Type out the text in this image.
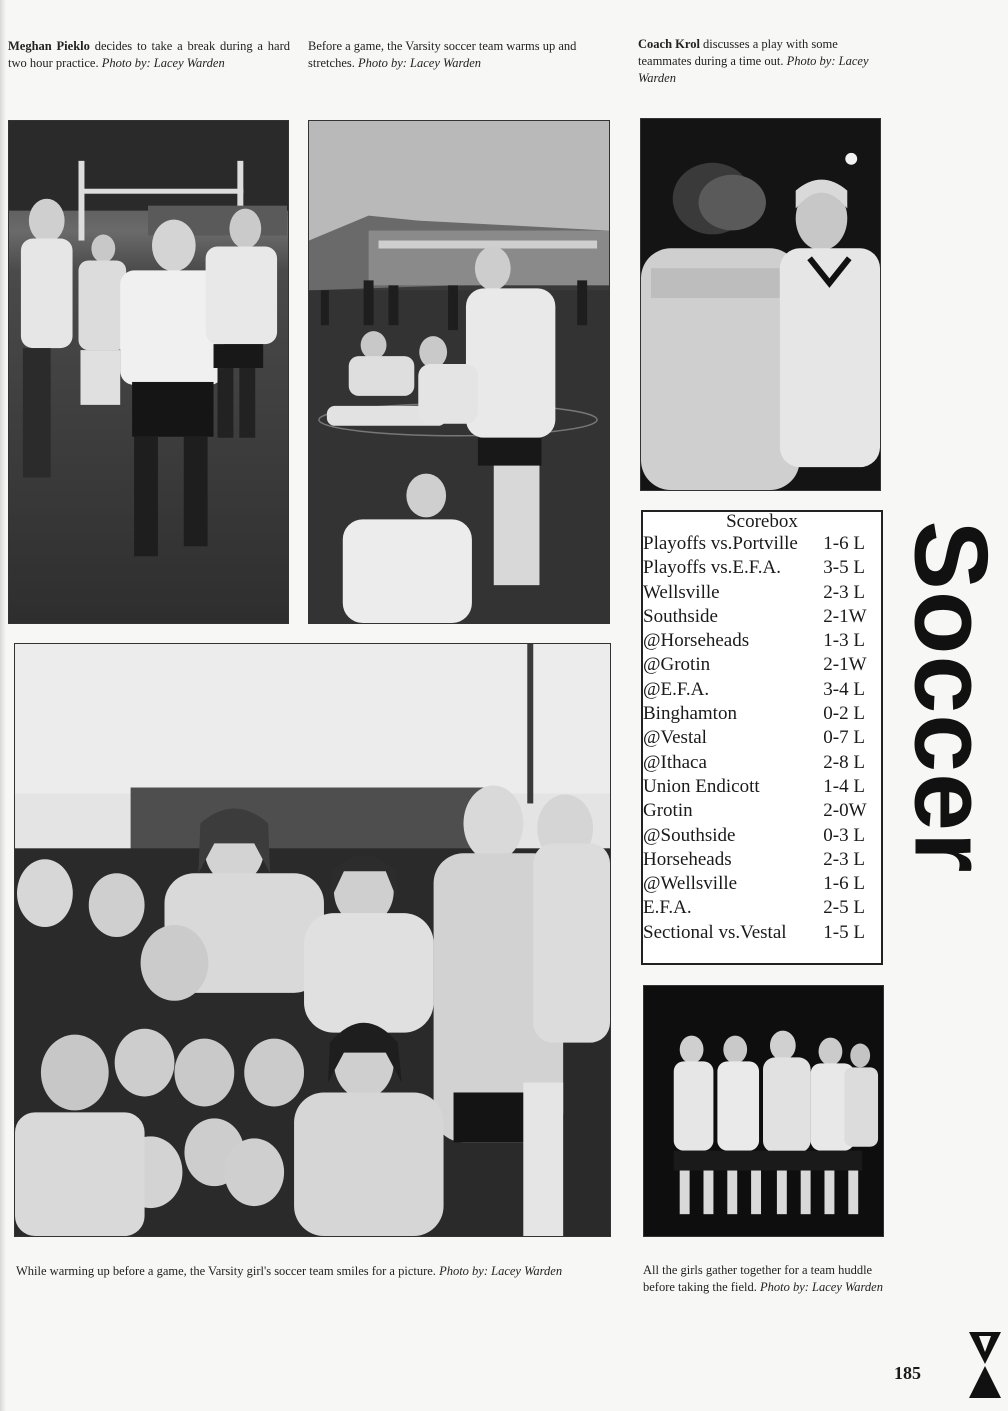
Meghan Pieklo decides to take a break during a hard two hour practice. Photo by: Lacey Warden
Before a game, the Varsity soccer team warms up and stretches. Photo by: Lacey Warden
Coach Krol discusses a play with some teammates during a time out. Photo by: Lacey Warden
While warming up before a game, the Varsity girl's soccer team smiles for a picture. Photo by: Lacey Warden	All the girls gather together for a team huddle before taking the field. Photo by: Lacey Warden
Scorebox
Playoffs vs.Portville	1-6 L
Playoffs vs.E.F.A.	3-5 L
Wellsville	2-3 L
Southside	2-1W
@Horseheads	1-3 L
@Grotin	2-1W
@E.F.A.	3-4 L
Binghamton	0-2 L
@Vestal	0-7 L
@Ithaca	2-8 L
Union Endicott	1-4 L
Grotin	2-0W
@Southside	0-3 L
Horseheads	2-3 L
@Wellsville	1-6 L
E.F.A.	2-5 L
Sectional vs.Vestal	1-5 L
Soccer
185
